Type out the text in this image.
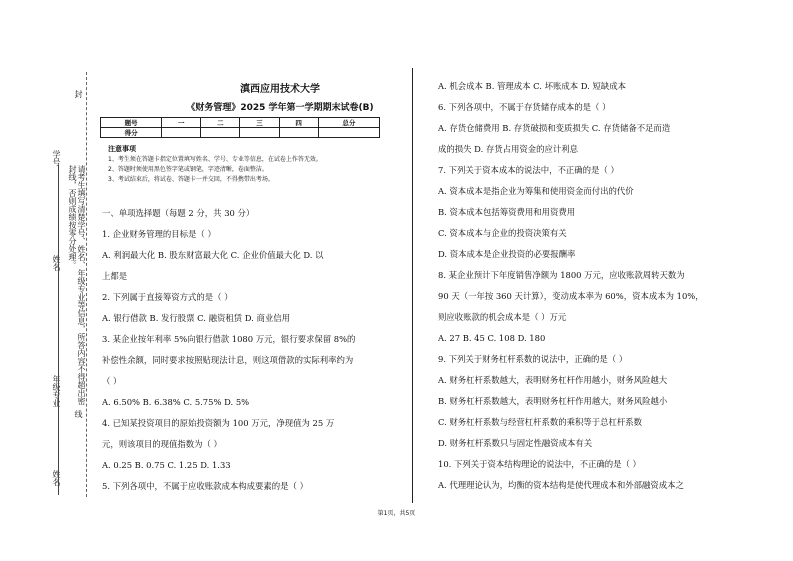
学号：
姓名：
年级专业：
姓名：
请考生填写清楚学号、姓名、年级专业等信息，所答内容不得超出密封线，否则成绩按零分处理。
封
线
滇西应用技术大学
《财务管理》2025 学年第一学期期末试卷(B)
题号	一	二	三	四	总分
得分					
注意事项
1、考生须在答题卡指定位置填写姓名、学号、专业等信息，在试卷上作答无效。
2、答题时须使用黑色签字笔或钢笔，字迹清晰，卷面整洁。
3、考试结束后，将试卷、答题卡一并交回，不得携带出考场。
一、单项选择题（每题 2 分，共 30 分）
1. 企业财务管理的目标是（ ）
A. 利润最大化 B. 股东财富最大化 C. 企业价值最大化 D. 以
上都是
2. 下列属于直接筹资方式的是（ ）
A. 银行借款 B. 发行股票 C. 融资租赁 D. 商业信用
3. 某企业按年利率 5%向银行借款 1080 万元，银行要求保留 8%的
补偿性余额，同时要求按照贴现法计息，则这项借款的实际利率约为
（ ）
A. 6.50% B. 6.38% C. 5.75% D. 5%
4. 已知某投资项目的原始投资额为 100 万元，净现值为 25 万
元，则该项目的现值指数为（ ）
A. 0.25 B. 0.75 C. 1.25 D. 1.33
5. 下列各项中，不属于应收账款成本构成要素的是（ ）
A. 机会成本 B. 管理成本 C. 坏账成本 D. 短缺成本
6. 下列各项中，不属于存货储存成本的是（ ）
A. 存货仓储费用 B. 存货破损和变质损失 C. 存货储备不足而造
成的损失 D. 存货占用资金的应计利息
7. 下列关于资本成本的说法中，不正确的是（ ）
A. 资本成本是指企业为筹集和使用资金而付出的代价
B. 资本成本包括筹资费用和用资费用
C. 资本成本与企业的投资决策有关
D. 资本成本是企业投资的必要报酬率
8. 某企业预计下年度销售净额为 1800 万元，应收账款周转天数为
90 天（一年按 360 天计算），变动成本率为 60%，资本成本为 10%，
则应收账款的机会成本是（ ）万元
A. 27 B. 45 C. 108 D. 180
9. 下列关于财务杠杆系数的说法中，正确的是（ ）
A. 财务杠杆系数越大，表明财务杠杆作用越小，财务风险越大
B. 财务杠杆系数越大，表明财务杠杆作用越大，财务风险越小
C. 财务杠杆系数与经营杠杆系数的乘积等于总杠杆系数
D. 财务杠杆系数只与固定性融资成本有关
10. 下列关于资本结构理论的说法中，不正确的是（ ）
A. 代理理论认为，均衡的资本结构是使代理成本和外部融资成本之
第1页，共5页
